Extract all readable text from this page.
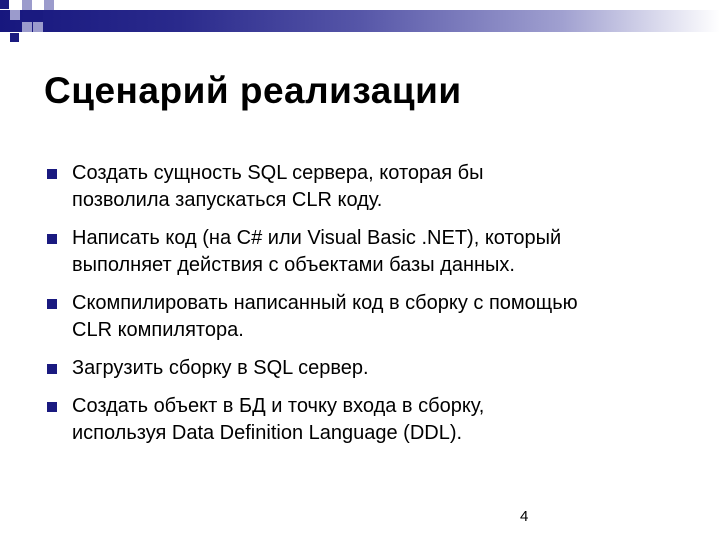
Сценарий реализации
Создать сущность SQL сервера, которая бы
позволила запускаться CLR коду.
Написать код (на C# или Visual Basic .NET), который
выполняет действия с объектами базы данных.
Скомпилировать написанный код в сборку с помощью
CLR компилятора.
Загрузить сборку в SQL сервер.
Создать объект в БД и точку входа в сборку,
используя Data Definition Language (DDL).
4
